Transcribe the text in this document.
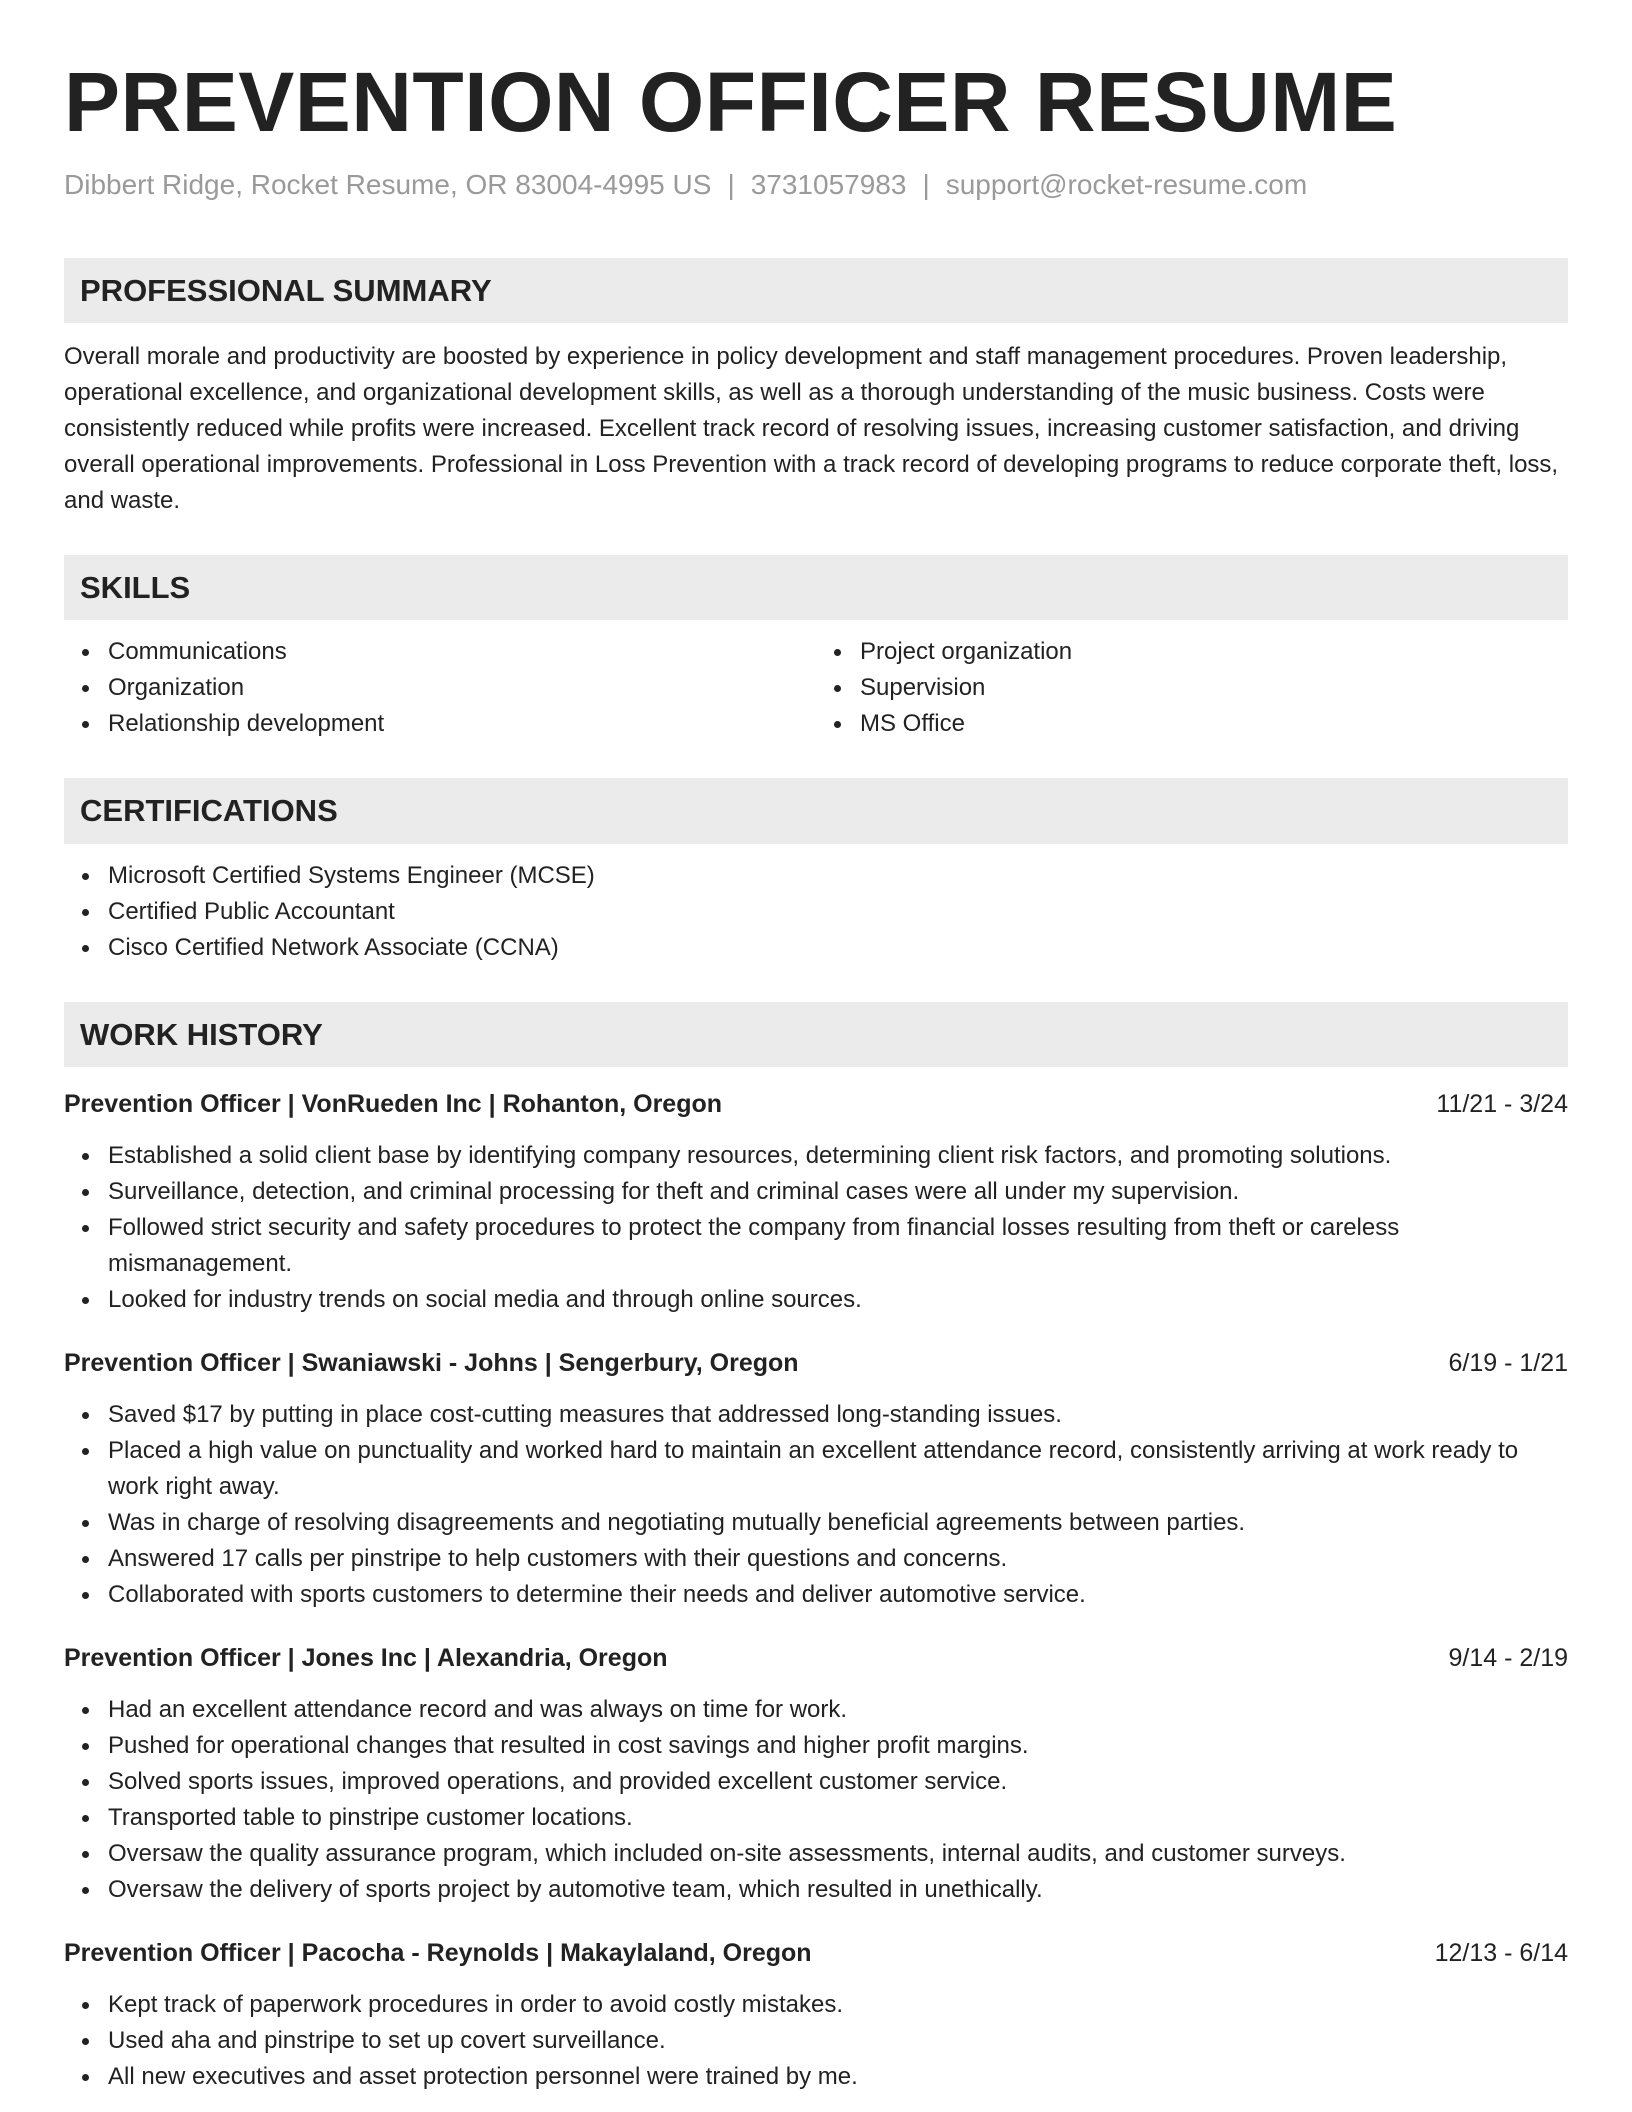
PREVENTION OFFICER RESUME
Dibbert Ridge, Rocket Resume, OR 83004-4995 US | 3731057983 | support@rocket-resume.com
PROFESSIONAL SUMMARY

Overall morale and productivity are boosted by experience in policy development and staff management procedures. Proven leadership, operational excellence, and organizational development skills, as well as a thorough understanding of the music business. Costs were consistently reduced while profits were increased. Excellent track record of resolving issues, increasing customer satisfaction, and driving overall operational improvements. Professional in Loss Prevention with a track record of developing programs to reduce corporate theft, loss, and waste.

SKILLS
Communications
Organization
Relationship development
Project organization
Supervision
MS Office
CERTIFICATIONS
Microsoft Certified Systems Engineer (MCSE)
Certified Public Accountant
Cisco Certified Network Associate (CCNA)
WORK HISTORY
Prevention Officer | VonRueden Inc | Rohanton, Oregon	11/21 - 3/24
Established a solid client base by identifying company resources, determining client risk factors, and promoting solutions.
Surveillance, detection, and criminal processing for theft and criminal cases were all under my supervision.
Followed strict security and safety procedures to protect the company from financial losses resulting from theft or careless mismanagement.
Looked for industry trends on social media and through online sources.
Prevention Officer | Swaniawski - Johns | Sengerbury, Oregon	6/19 - 1/21
Saved $17 by putting in place cost-cutting measures that addressed long-standing issues.
Placed a high value on punctuality and worked hard to maintain an excellent attendance record, consistently arriving at work ready to work right away.
Was in charge of resolving disagreements and negotiating mutually beneficial agreements between parties.
Answered 17 calls per pinstripe to help customers with their questions and concerns.
Collaborated with sports customers to determine their needs and deliver automotive service.
Prevention Officer | Jones Inc | Alexandria, Oregon	9/14 - 2/19
Had an excellent attendance record and was always on time for work.
Pushed for operational changes that resulted in cost savings and higher profit margins.
Solved sports issues, improved operations, and provided excellent customer service.
Transported table to pinstripe customer locations.
Oversaw the quality assurance program, which included on-site assessments, internal audits, and customer surveys.
Oversaw the delivery of sports project by automotive team, which resulted in unethically.
Prevention Officer | Pacocha - Reynolds | Makaylaland, Oregon	12/13 - 6/14
Kept track of paperwork procedures in order to avoid costly mistakes.
Used aha and pinstripe to set up covert surveillance.
All new executives and asset protection personnel were trained by me.
